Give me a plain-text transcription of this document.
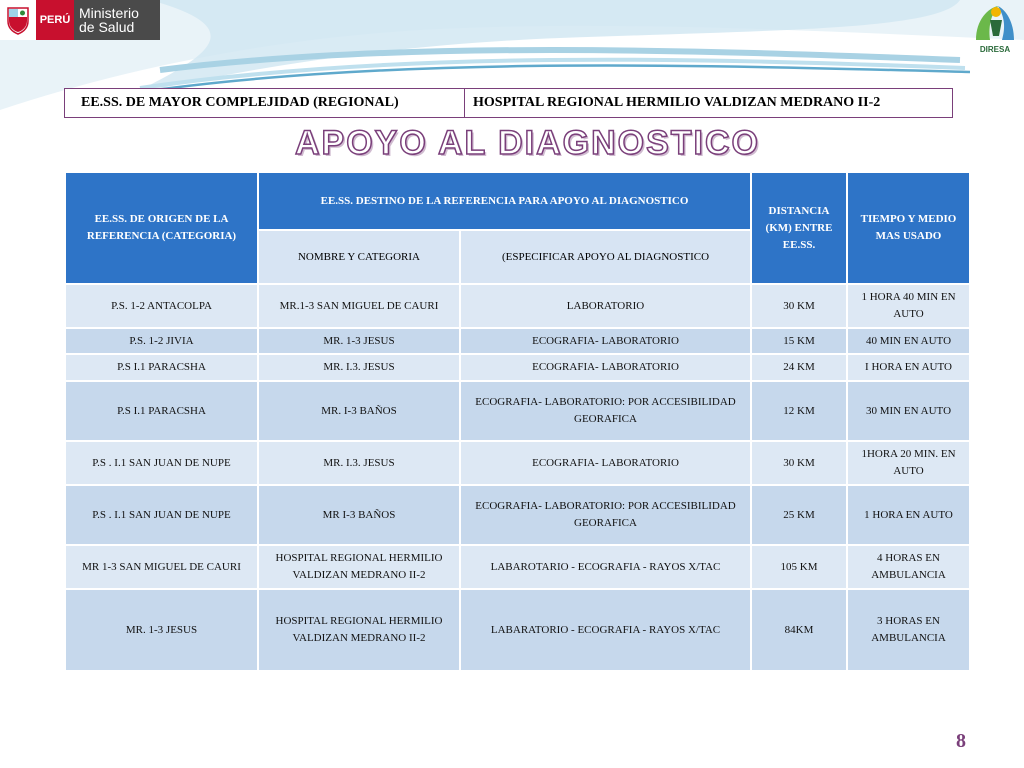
PERÚ Ministerio
de Salud
DIRESA
EE.SS. DE MAYOR COMPLEJIDAD (REGIONAL)	HOSPITAL REGIONAL HERMILIO VALDIZAN MEDRANO II-2
APOYO AL DIAGNOSTICO
EE.SS. DE ORIGEN DE LA REFERENCIA (CATEGORIA)	EE.SS. DESTINO DE LA REFERENCIA PARA APOYO AL DIAGNOSTICO		DISTANCIA (KM) ENTRE EE.SS.	TIEMPO Y MEDIO MAS USADO
	NOMBRE Y CATEGORIA	(ESPECIFICAR APOYO AL DIAGNOSTICO		
P.S. 1-2 ANTACOLPA	MR.1-3 SAN MIGUEL DE CAURI	LABORATORIO	30 KM	1 HORA 40 MIN EN AUTO
P.S. 1-2 JIVIA	MR. 1-3 JESUS	ECOGRAFIA- LABORATORIO	15 KM	40 MIN EN AUTO
P.S I.1 PARACSHA	MR. I.3. JESUS	ECOGRAFIA- LABORATORIO	24 KM	I HORA EN AUTO
P.S I.1 PARACSHA	MR. I-3 BAÑOS	ECOGRAFIA- LABORATORIO: POR ACCESIBILIDAD GEORAFICA	12 KM	30 MIN EN AUTO
P.S . I.1 SAN JUAN DE NUPE	MR. I.3. JESUS	ECOGRAFIA- LABORATORIO	30 KM	1HORA 20 MIN. EN AUTO
P.S . I.1 SAN JUAN DE NUPE	MR I-3 BAÑOS	ECOGRAFIA- LABORATORIO: POR ACCESIBILIDAD GEORAFICA	25 KM	1 HORA EN AUTO
MR 1-3 SAN MIGUEL DE CAURI	HOSPITAL REGIONAL HERMILIO VALDIZAN MEDRANO II-2	LABAROTARIO - ECOGRAFIA - RAYOS X/TAC	105 KM	4 HORAS EN AMBULANCIA
MR. 1-3 JESUS	HOSPITAL REGIONAL HERMILIO VALDIZAN MEDRANO II-2	LABARATORIO - ECOGRAFIA - RAYOS X/TAC	84KM	3 HORAS EN AMBULANCIA
8
